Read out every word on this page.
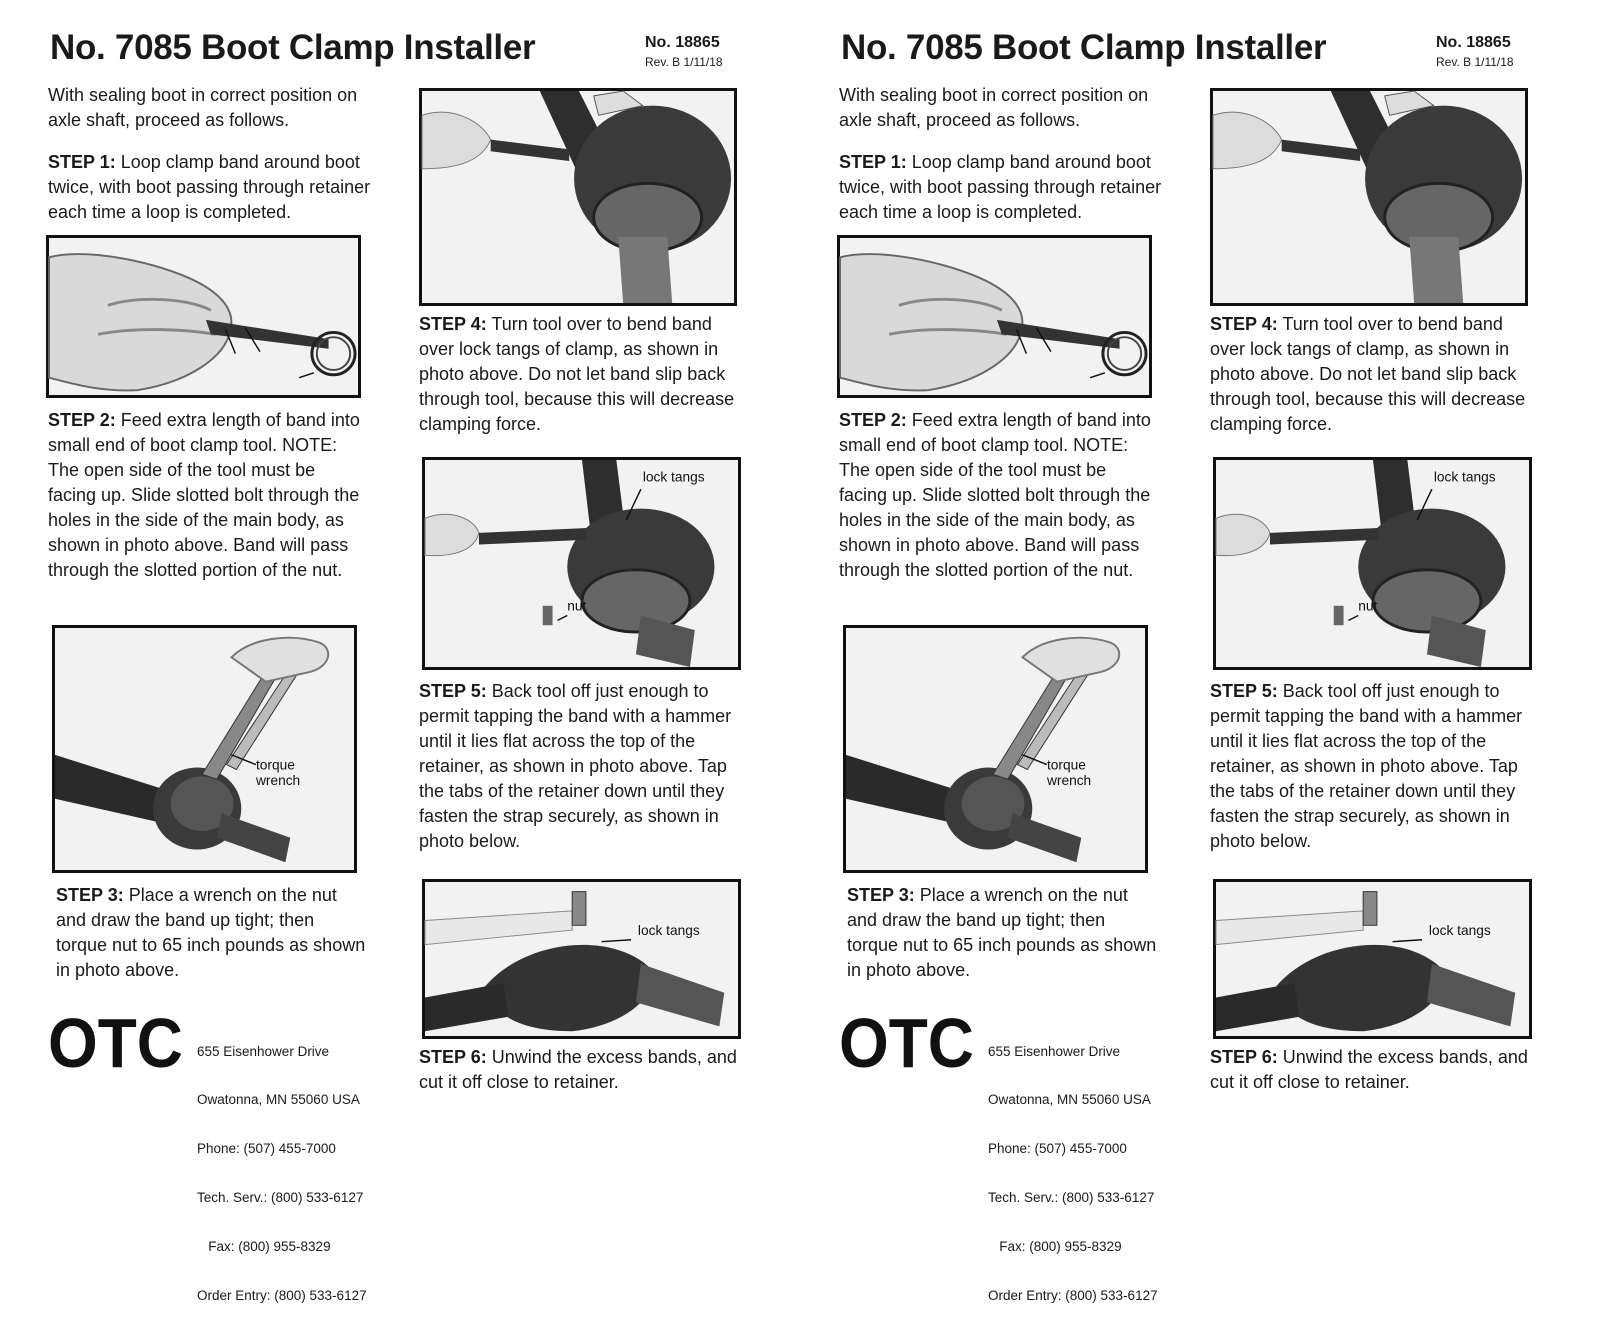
No. 7085 Boot Clamp Installer	No. 18865
Rev. B 1/11/18

With sealing boot in correct position on axle shaft, proceed as follows.

STEP 1: Loop clamp band around boot twice, with boot passing through retainer each time a loop is completed.

STEP 2: Feed extra length of band into small end of boot clamp tool. NOTE: The open side of the tool must be facing up. Slide slotted bolt through the holes in the side of the main body, as shown in photo above. Band will pass through the slotted portion of the nut.

torque
wrench

STEP 3: Place a wrench on the nut and draw the band up tight; then torque nut to 65 inch pounds as shown in photo above.

STEP 4: Turn tool over to bend band over lock tangs of clamp, as shown in photo above. Do not let band slip back through tool, because this will decrease clamping force.

lock tangs
nut

STEP 5: Back tool off just enough to permit tapping the band with a hammer until it lies flat across the top of the retainer, as shown in photo above. Tap the tabs of the retainer down until they fasten the strap securely, as shown in photo below.

lock tangs

STEP 6: Unwind the excess bands, and cut it off close to retainer.

OTC

655 Eisenhower Drive

Owatonna, MN 55060 USA

Phone: (507) 455-7000

Tech. Serv.: (800) 533-6127

Fax: (800) 955-8329

Order Entry: (800) 533-6127

No. 7085 Boot Clamp Installer	No. 18865
Rev. B 1/11/18

With sealing boot in correct position on axle shaft, proceed as follows.

STEP 1: Loop clamp band around boot twice, with boot passing through retainer each time a loop is completed.

STEP 2: Feed extra length of band into small end of boot clamp tool. NOTE: The open side of the tool must be facing up. Slide slotted bolt through the holes in the side of the main body, as shown in photo above. Band will pass through the slotted portion of the nut.

torque
wrench

STEP 3: Place a wrench on the nut and draw the band up tight; then torque nut to 65 inch pounds as shown in photo above.

STEP 4: Turn tool over to bend band over lock tangs of clamp, as shown in photo above. Do not let band slip back through tool, because this will decrease clamping force.

lock tangs
nut

STEP 5: Back tool off just enough to permit tapping the band with a hammer until it lies flat across the top of the retainer, as shown in photo above. Tap the tabs of the retainer down until they fasten the strap securely, as shown in photo below.

lock tangs

STEP 6: Unwind the excess bands, and cut it off close to retainer.

OTC

655 Eisenhower Drive

Owatonna, MN 55060 USA

Phone: (507) 455-7000

Tech. Serv.: (800) 533-6127

Fax: (800) 955-8329

Order Entry: (800) 533-6127
